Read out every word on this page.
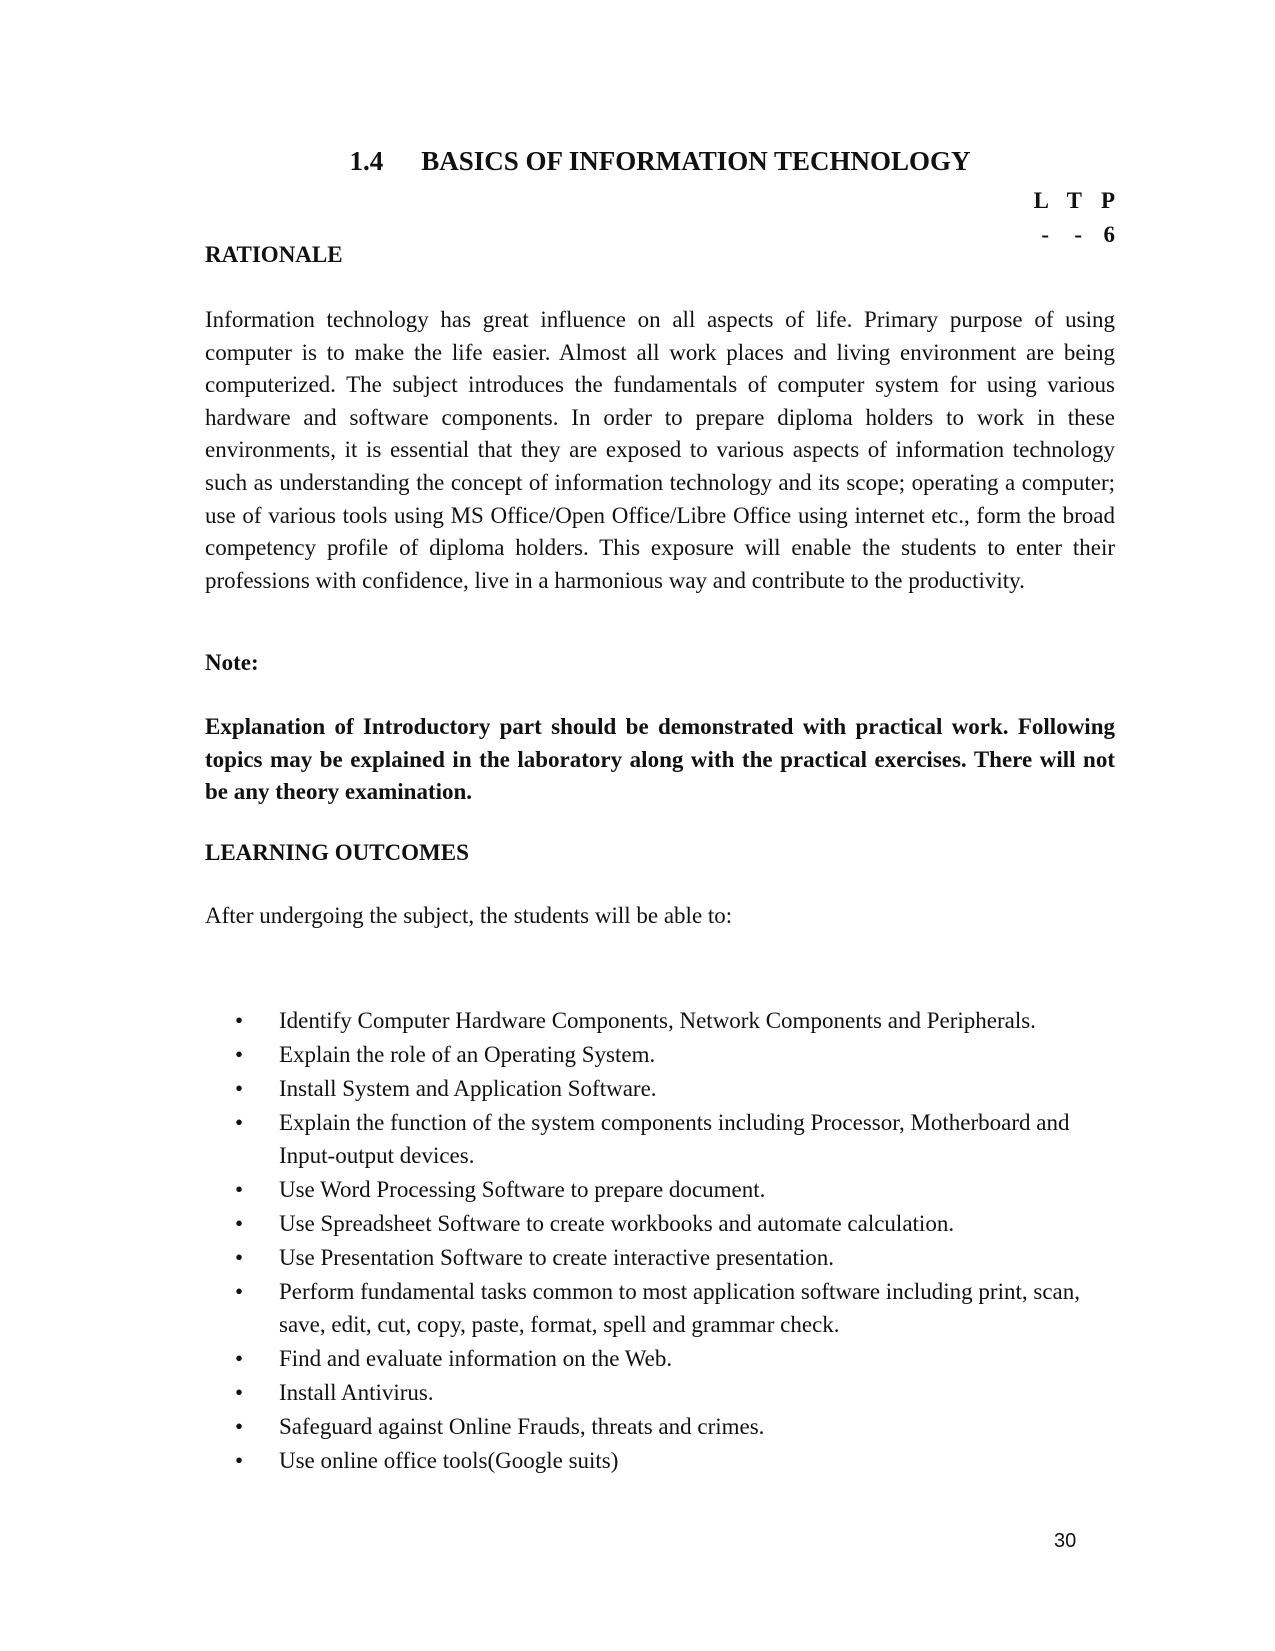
1.4 BASICS OF INFORMATION TECHNOLOGY
L T P
- - 6
RATIONALE

Information technology has great influence on all aspects of life. Primary purpose of using computer is to make the life easier. Almost all work places and living environment are being computerized. The subject introduces the fundamentals of computer system for using various hardware and software components. In order to prepare diploma holders to work in these environments, it is essential that they are exposed to various aspects of information technology such as understanding the concept of information technology and its scope; operating a computer; use of various tools using MS Office/Open Office/Libre Office using internet etc., form the broad competency profile of diploma holders. This exposure will enable the students to enter their professions with confidence, live in a harmonious way and contribute to the productivity.

Note:

Explanation of Introductory part should be demonstrated with practical work. Following topics may be explained in the laboratory along with the practical exercises. There will not be any theory examination.

LEARNING OUTCOMES

After undergoing the subject, the students will be able to:

• Identify Computer Hardware Components, Network Components and Peripherals.
• Explain the role of an Operating System.
• Install System and Application Software.
• Explain the function of the system components including Processor, Motherboard and Input-output devices.
• Use Word Processing Software to prepare document.
• Use Spreadsheet Software to create workbooks and automate calculation.
• Use Presentation Software to create interactive presentation.
• Perform fundamental tasks common to most application software including print, scan, save, edit, cut, copy, paste, format, spell and grammar check.
• Find and evaluate information on the Web.
• Install Antivirus.
• Safeguard against Online Frauds, threats and crimes.
• Use online office tools(Google suits)
30
